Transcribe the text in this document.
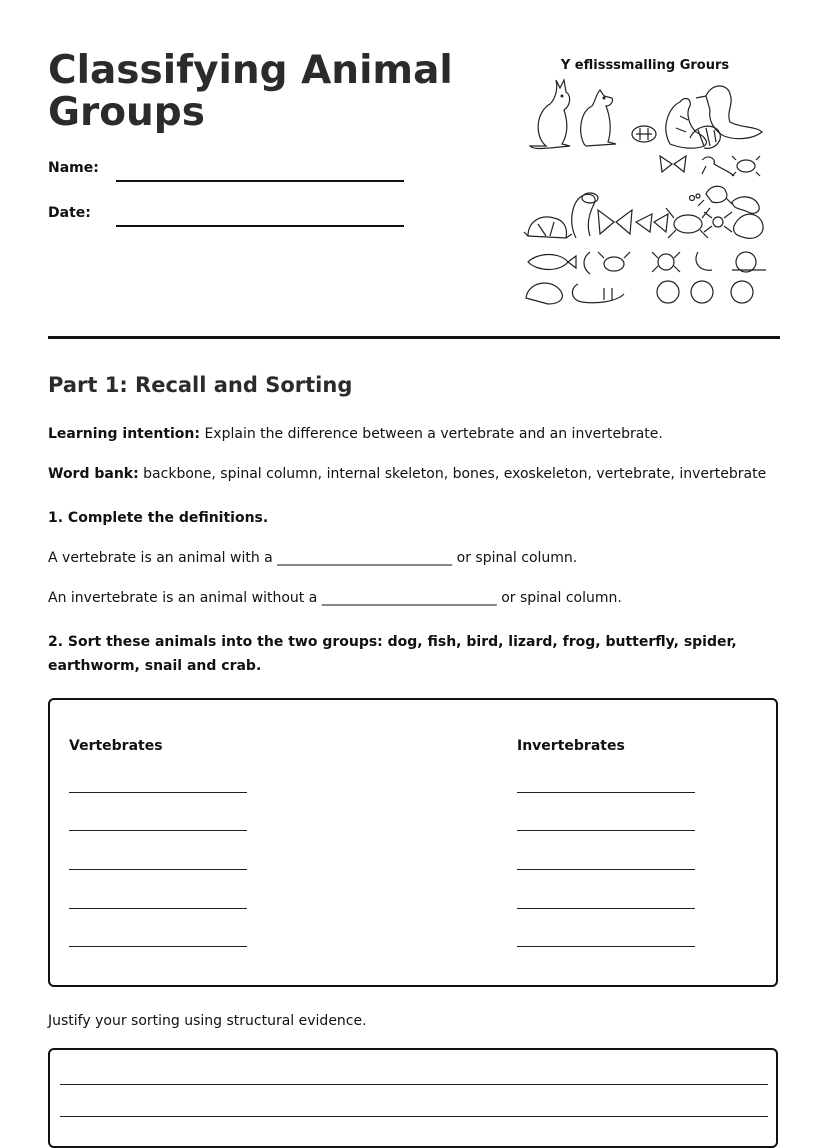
Classifying Animal Groups
Name:
Date:
Y eflisssmalling Grours
Part 1: Recall and Sorting

Learning intention: Explain the difference between a vertebrate and an invertebrate.

Word bank: backbone, spinal column, internal skeleton, bones, exoskeleton, vertebrate, invertebrate

1. Complete the definitions.

A vertebrate is an animal with a _________________________ or spinal column.

An invertebrate is an animal without a _________________________ or spinal column.

2. Sort these animals into the two groups: dog, fish, bird, lizard, frog, butterfly, spider, earthworm, snail and crab.

Vertebrates	Invertebrates

Justify your sorting using structural evidence.
